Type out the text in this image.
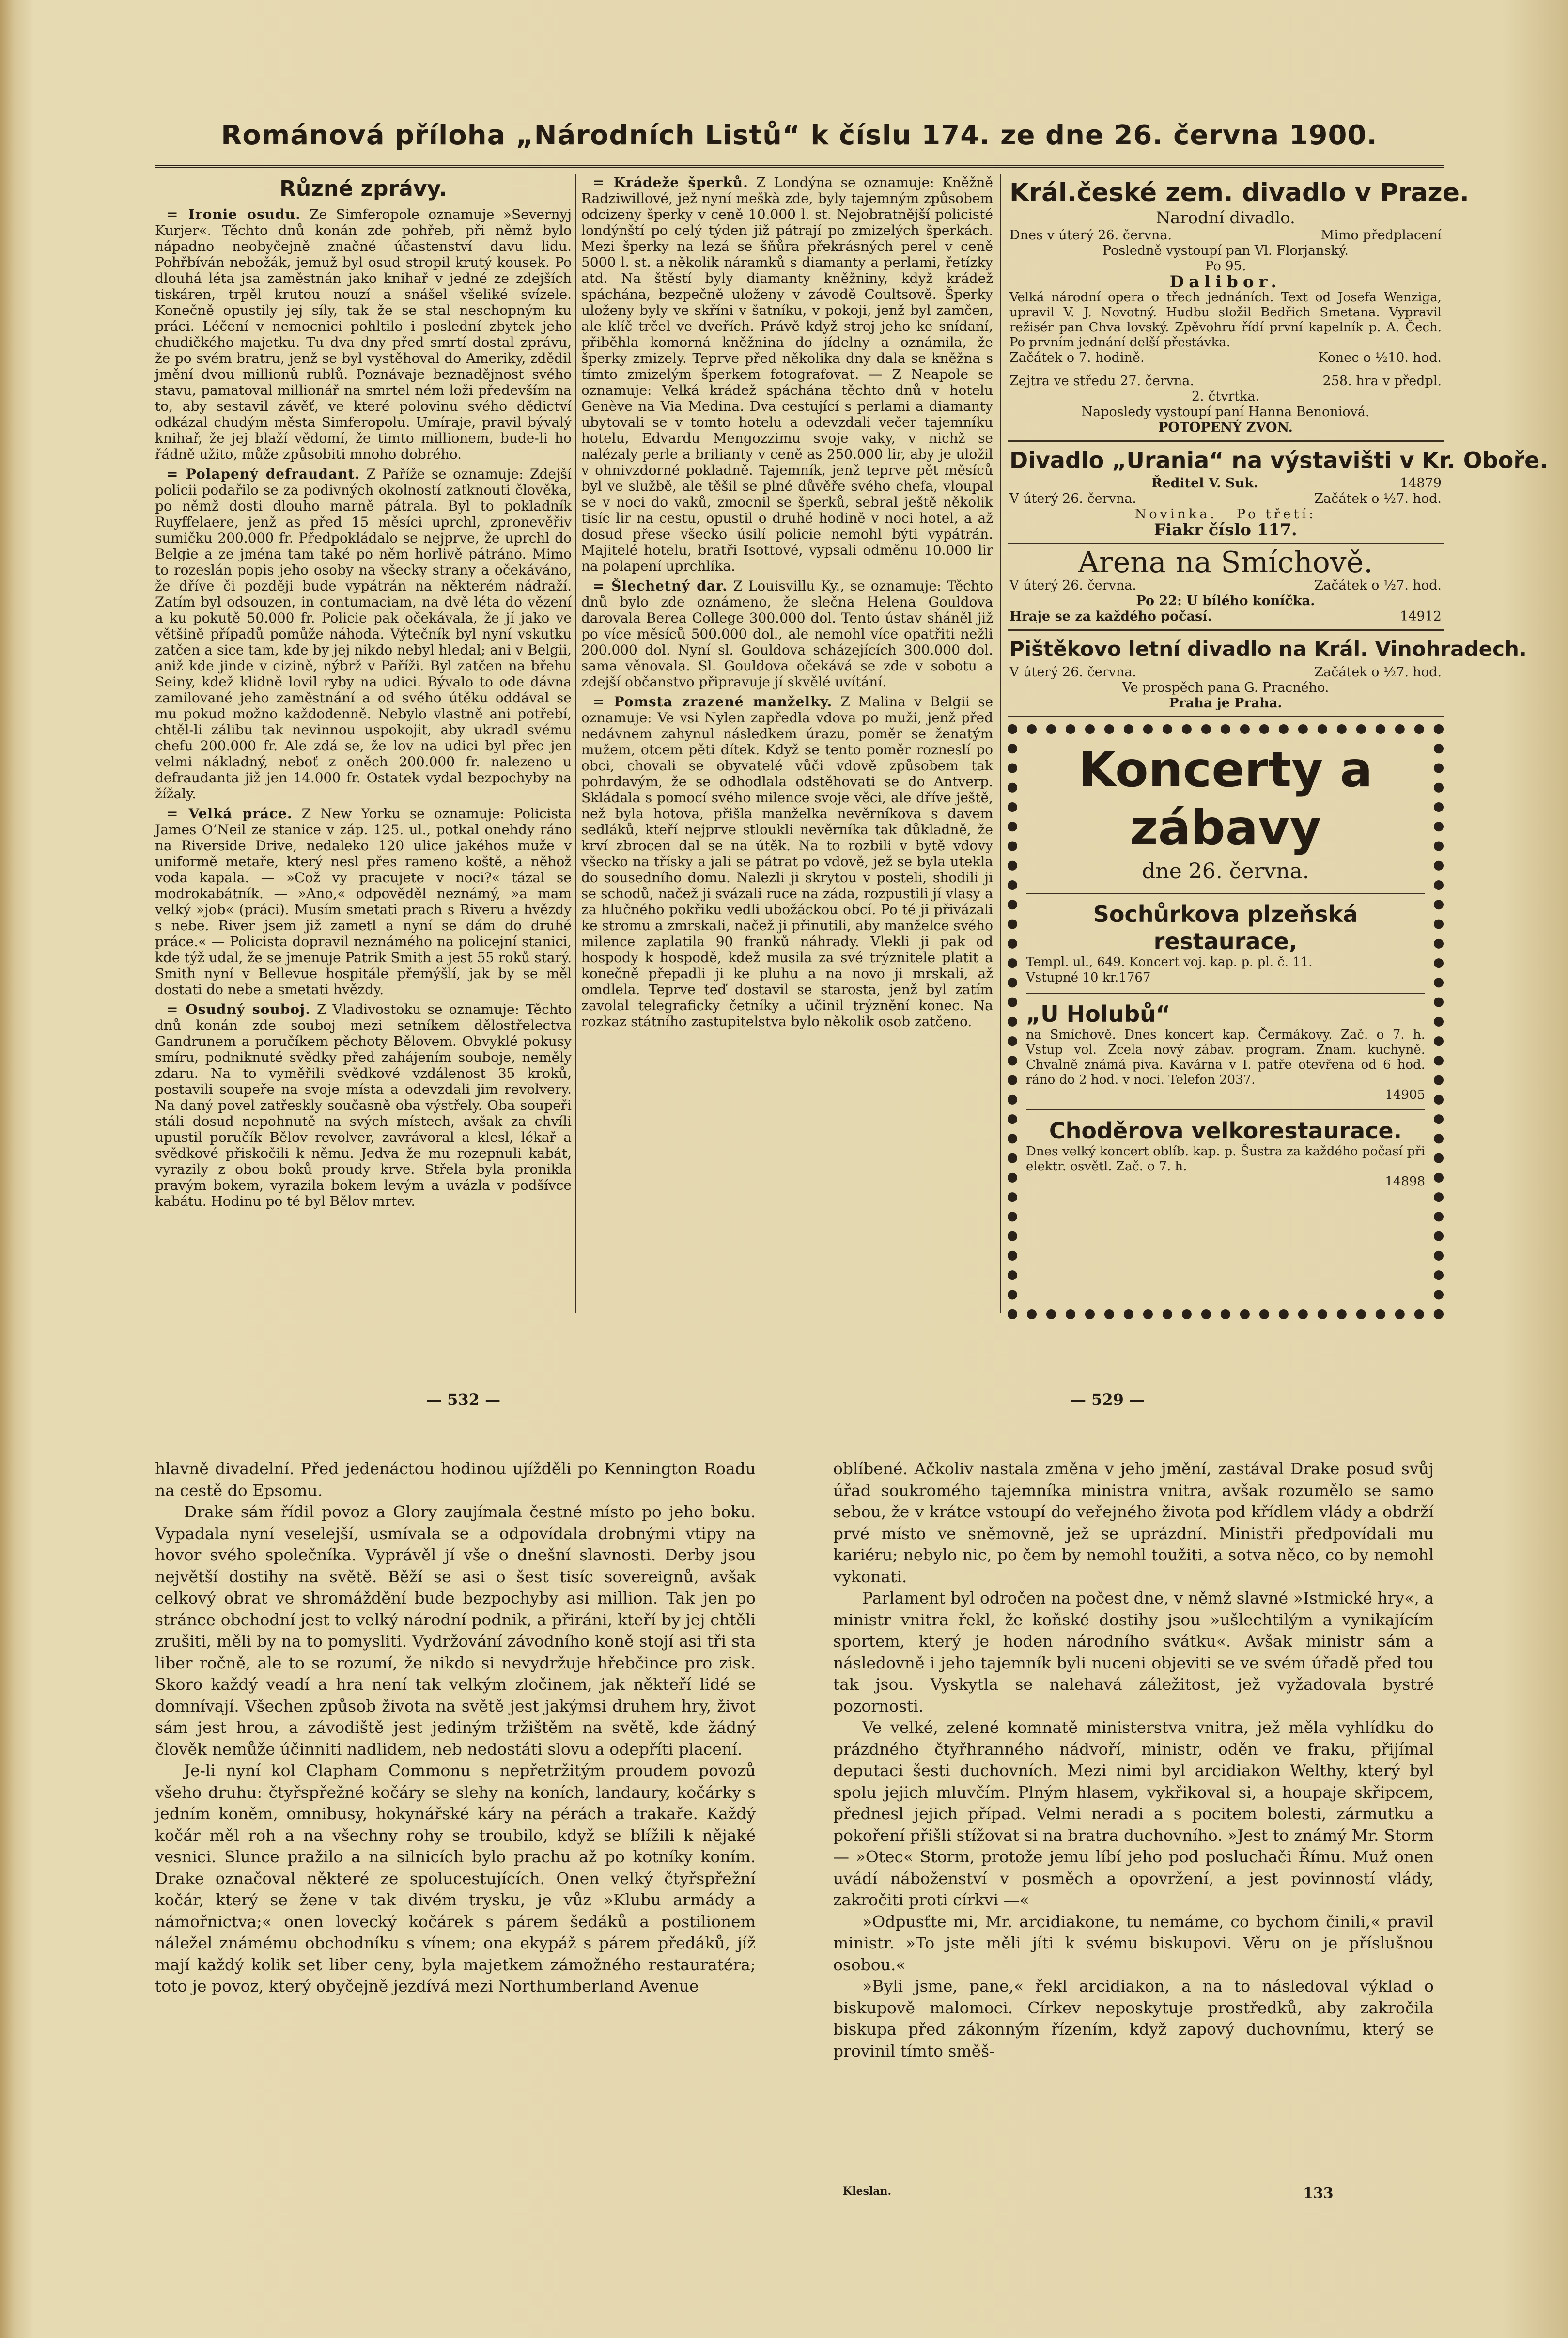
Románová příloha „Národních Listů“ k číslu 174. ze dne 26. června 1900.
Různé zprávy.

= Ironie osudu. Ze Simferopole oznamuje »Severnyj Kurjer«. Těchto dnů konán zde pohřeb, při němž bylo nápadno neobyčejně značné účastenství davu lidu. Pohřbíván nebožák, jemuž byl osud stropil krutý kousek. Po dlouhá léta jsa zaměstnán jako knihař v jedné ze zdejších tiskáren, trpěl krutou nouzí a snášel všeliké svízele. Konečně opustily jej síly, tak že se stal neschopným ku práci. Léčení v nemocnici pohltilo i poslední zbytek jeho chudičkého majetku. Tu dva dny před smrtí dostal zprávu, že po svém bratru, jenž se byl vystěhoval do Ameriky, zdědil jmění dvou millionů rublů. Poznávaje beznadějnost svého stavu, pamatoval millionář na smrtel ném loži především na to, aby sestavil závěť, ve které polovinu svého dědictví odkázal chudým města Simferopolu. Umíraje, pravil bývalý knihař, že jej blaží vědomí, že timto millionem, bude-li ho řádně užito, může způsobiti mnoho dobrého.

= Polapený defraudant. Z Paříže se oznamuje: Zdejší policii podařilo se za podivných okolností zatknouti člověka, po němž dosti dlouho marně pátrala. Byl to pokladník Ruyffelaere, jenž as před 15 měsíci uprchl, zpronevěřiv sumičku 200.000 fr. Předpokládalo se nejprve, že uprchl do Belgie a ze jména tam také po něm horlivě pátráno. Mimo to rozeslán popis jeho osoby na všecky strany a očekáváno, že dříve či později bude vypátrán na některém nádraží. Zatím byl odsouzen, in contumaciam, na dvě léta do vězení a ku pokutě 50.000 fr. Policie pak očekávala, že jí jako ve většině případů pomůže náhoda. Výtečník byl nyní vskutku zatčen a sice tam, kde by jej nikdo nebyl hledal; ani v Belgii, aniž kde jinde v cizině, nýbrž v Paříži. Byl zatčen na břehu Seiny, kdež klidně lovil ryby na udici. Bývalo to ode dávna zamilované jeho zaměstnání a od svého útěku oddával se mu pokud možno každodenně. Nebylo vlastně ani potřebí, chtěl-li zálibu tak nevinnou uspokojit, aby ukradl svému chefu 200.000 fr. Ale zdá se, že lov na udici byl přec jen velmi nákladný, neboť z oněch 200.000 fr. nalezeno u defraudanta již jen 14.000 fr. Ostatek vydal bezpochyby na žížaly.

= Velká práce. Z New Yorku se oznamuje: Policista James O’Neil ze stanice v záp. 125. ul., potkal onehdy ráno na Riverside Drive, nedaleko 120 ulice jakéhos muže v uniformě metaře, který nesl přes rameno koště, a něhož voda kapala. — »Což vy pracujete v noci?« tázal se modrokabátník. — »Ano,« odpověděl neznámý, »a mam velký »job« (práci). Musím smetati prach s Riveru a hvězdy s nebe. River jsem již zametl a nyní se dám do druhé práce.« — Policista dopravil neznámého na policejní stanici, kde týž udal, že se jmenuje Patrik Smith a jest 55 roků starý. Smith nyní v Bellevue hospitále přemýšlí, jak by se měl dostati do nebe a smetati hvězdy.

= Osudný souboj. Z Vladivostoku se oznamuje: Těchto dnů konán zde souboj mezi setníkem dělostřelectva Gandrunem a poručíkem pěchoty Bělovem. Obvyklé pokusy smíru, podniknuté svědky před zahájením souboje, neměly zdaru. Na to vyměřili svědkové vzdálenost 35 kroků, postavili soupeře na svoje místa a odevzdali jim revolvery. Na daný povel zatřeskly současně oba výstřely. Oba soupeři stáli dosud nepohnutě na svých místech, avšak za chvíli upustil poručík Bělov revolver, zavrávoral a klesl, lékař a svědkové přiskočili k němu. Jedva že mu rozepnuli kabát, vyrazily z obou boků proudy krve. Střela byla pronikla pravým bokem, vyrazila bokem levým a uvázla v podšívce kabátu. Hodinu po té byl Bělov mrtev.

= Krádeže šperků. Z Londýna se oznamuje: Kněžně Radziwillové, jež nyní meškà zde, byly tajemným způsobem odcizeny šperky v ceně 10.000 l. st. Nejobratnější policisté londýnští po celý týden již pátrají po zmizelých šperkách. Mezi šperky na lezá se šňůra překrásných perel v ceně 5000 l. st. a několik náramků s diamanty a perlami, řetízky atd. Na štěstí byly diamanty kněžniny, když krádež spáchána, bezpečně uloženy v závodě Coultsově. Šperky uloženy byly ve skříni v šatníku, v pokoji, jenž byl zamčen, ale klíč trčel ve dveřích. Právě když stroj jeho ke snídaní, přiběhla komorná kněžnina do jídelny a oznámila, že šperky zmizely. Teprve před několika dny dala se kněžna s tímto zmizelým šperkem fotografovat. — Z Neapole se oznamuje: Velká krádež spáchána těchto dnů v hotelu Genève na Via Medina. Dva cestující s perlami a diamanty ubytovali se v tomto hotelu a odevzdali večer tajemníku hotelu, Edvardu Mengozzimu svoje vaky, v nichž se nalézaly perle a brilianty v ceně as 250.000 lir, aby je uložil v ohnivzdorné pokladně. Tajemník, jenž teprve pět měsíců byl ve službě, ale těšil se plné důvěře svého chefa, vloupal se v noci do vaků, zmocnil se šperků, sebral ještě několik tisíc lir na cestu, opustil o druhé hodině v noci hotel, a až dosud přese všecko úsilí policie nemohl býti vypátrán. Majitelé hotelu, bratři Isottové, vypsali odměnu 10.000 lir na polapení uprchlíka.

= Šlechetný dar. Z Louisvillu Ky., se oznamuje: Těchto dnů bylo zde oznámeno, že slečna Helena Gouldova darovala Berea College 300.000 dol. Tento ústav sháněl již po více měsíců 500.000 dol., ale nemohl více opatřiti nežli 200.000 dol. Nyní sl. Gouldova scházejících 300.000 dol. sama věnovala. Sl. Gouldova očekává se zde v sobotu a zdejší občanstvo připravuje jí skvělé uvítání.

= Pomsta zrazené manželky. Z Malina v Belgii se oznamuje: Ve vsi Nylen zapředla vdova po muži, jenž před nedávnem zahynul následkem úrazu, poměr se ženatým mužem, otcem pěti dítek. Když se tento poměr rozneslí po obci, chovali se obyvatelé vůči vdově způsobem tak pohrdavým, že se odhodlala odstěhovati se do Antverp. Skládala s pomocí svého milence svoje věci, ale dříve ještě, než byla hotova, přišla manželka nevěrníkova s davem sedláků, kteří nejprve stloukli nevěrníka tak důkladně, že krví zbrocen dal se na útěk. Na to rozbili v bytě vdovy všecko na třísky a jali se pátrat po vdově, jež se byla utekla do sousedního domu. Nalezli ji skrytou v posteli, shodili ji se schodů, načež ji svázali ruce na záda, rozpustili jí vlasy a za hlučného pokřiku vedli ubožáckou obcí. Po té ji přivázali ke stromu a zmrskali, načež ji přinutili, aby manželce svého milence zaplatila 90 franků náhrady. Vlekli ji pak od hospody k hospodě, kdež musila za své trýznitele platit a konečně přepadli ji ke pluhu a na novo ji mrskali, až omdlela. Teprve teď dostavil se starosta, jenž byl zatím zavolal telegraficky četníky a učinil trýznění konec. Na rozkaz státního zastupitelstva bylo několik osob zatčeno.

Král.české zem. divadlo v Praze.
Narodní divadlo.
Dnes v úterý 26. června.	Mimo předplacení
Posledně vystoupí pan Vl. Florjanský.
Po 95.
Dalibor.
Velká národní opera o třech jednáních. Text od Josefa Wenziga, upravil V. J. Novotný. Hudbu složil Bedřich Smetana. Vypravil režisér pan Chva lovský. Zpěvohru řídí první kapelník p. A. Čech. Po prvním jednání delší přestávka.
Začátek o 7. hodině.	Konec o ½10. hod.
Zejtra ve středu 27. června.	258. hra v předpl.
2. čtvrtka.
Naposledy vystoupí paní Hanna Benoniová.
POTOPENÝ ZVON.
Divadlo „Urania“ na výstavišti v Kr. Oboře.
Ředitel V. Suk.	14879
V úterý 26. června.	Začátek o ½7. hod.
Novinka. Po třetí:
Fiakr číslo 117.
Arena na Smíchově.
V úterý 26. června.	Začátek o ½7. hod.
Po 22: U bílého koníčka.
Hraje se za každého počasí.	14912
Pištěkovo letní divadlo na Král. Vinohradech.
V úterý 26. června.	Začátek o ½7. hod.
Ve prospěch pana G. Pracného.
Praha je Praha.
Koncerty a zábavy
dne 26. června.
Sochůrkova plzeňská restaurace,
Templ. ul., 649. Koncert voj. kap. p. pl. č. 11.
Vstupné 10 kr.1767
„U Holubů“
na Smíchově. Dnes koncert kap. Čermákovy. Zač. o 7. h. Vstup vol. Zcela nový zábav. program. Znam. kuchyně. Chvalně známá piva. Kavárna v I. patře otevřena od 6 hod. ráno do 2 hod. v noci. Telefon 2037.
14905
Choděrova velkorestaurace.
Dnes velký koncert oblíb. kap. p. Šustra za každého počasí při elektr. osvětl. Zač. o 7. h.
14898
— 532 —	— 529 —

hlavně divadelní. Před jedenáctou hodinou ujížděli po Kennington Roadu na cestě do Epsomu.

Drake sám řídil povoz a Glory zaujímala čestné místo po jeho boku. Vypadala nyní veselejší, usmívala se a odpovídala drobnými vtipy na hovor svého společníka. Vyprávěl jí vše o dnešní slavnosti. Derby jsou největší dostihy na světě. Běží se asi o šest tisíc sovereignů, avšak celkový obrat ve shromáždění bude bezpochyby asi million. Tak jen po stránce obchodní jest to velký národní podnik, a přiráni, kteří by jej chtěli zrušiti, měli by na to pomysliti. Vydržování závodního koně stojí asi tři sta liber ročně, ale to se rozumí, že nikdo si nevydržuje hřebčince pro zisk. Skoro každý veadí a hra není tak velkým zločinem, jak někteří lidé se domnívají. Všechen způsob života na světě jest jakýmsi druhem hry, život sám jest hrou, a závodiště jest jediným tržištěm na světě, kde žádný člověk nemůže účinniti nadlidem, neb nedostáti slovu a odepříti placení.

Je-li nyní kol Clapham Commonu s nepřetržitým proudem povozů všeho druhu: čtyřspřežné kočáry se slehy na koních, landaury, kočárky s jedním koněm, omnibusy, hokynářské káry na pérách a trakaře. Každý kočár měl roh a na všechny rohy se troubilo, když se blížili k nějaké vesnici. Slunce pražilo a na silnicích bylo prachu až po kotníky koním. Drake označoval některé ze spolucestujících. Onen velký čtyřspřežní kočár, který se žene v tak divém trysku, je vůz »Klubu armády a námořnictva;« onen lovecký kočárek s párem šedáků a postilionem náležel známému obchodníku s vínem; ona ekypáž s párem předáků, jíž mají každý kolik set liber ceny, byla majetkem zámožného restauratéra; toto je povoz, který obyčejně jezdívá mezi Northumberland Avenue

oblíbené. Ačkoliv nastala změna v jeho jmění, zastával Drake posud svůj úřad soukromého tajemníka ministra vnitra, avšak rozumělo se samo sebou, že v krátce vstoupí do veřejného života pod křídlem vlády a obdrží prvé místo ve sněmovně, jež se uprázdní. Ministři předpovídali mu kariéru; nebylo nic, po čem by nemohl toužiti, a sotva něco, co by nemohl vykonati.

Parlament byl odročen na počest dne, v němž slavné »Istmické hry«, a ministr vnitra řekl, že koňské dostihy jsou »ušlechtilým a vynikajícím sportem, který je hoden národního svátku«. Avšak ministr sám a následovně i jeho tajemník byli nuceni objeviti se ve svém úřadě před tou tak jsou. Vyskytla se nalehavá záležitost, jež vyžadovala bystré pozornosti.

Ve velké, zelené komnatě ministerstva vnitra, jež měla vyhlídku do prázdného čtyřhranného nádvoří, ministr, oděn ve fraku, přijímal deputaci šesti duchovních. Mezi nimi byl arcidiakon Welthy, který byl spolu jejich mluvčím. Plným hlasem, vykřikoval si, a houpaje skřipcem, přednesl jejich případ. Velmi neradi a s pocitem bolesti, zármutku a pokoření přišli stížovat si na bratra duchovního. »Jest to známý Mr. Storm — »Otec« Storm, protože jemu líbí jeho pod posluchači Římu. Muž onen uvádí náboženství v posměch a opovržení, a jest povinností vlády, zakročiti proti církvi —«

»Odpusťte mi, Mr. arcidiakone, tu nemáme, co bychom činili,« pravil ministr. »To jste měli jíti k svému biskupovi. Věru on je příslušnou osobou.«

»Byli jsme, pane,« řekl arcidiakon, a na to následoval výklad o biskupově malomoci. Církev neposkytuje prostředků, aby zakročila biskupa před zákonným řízením, když zapový duchovnímu, který se provinil tímto směš-

Kleslan.	133
